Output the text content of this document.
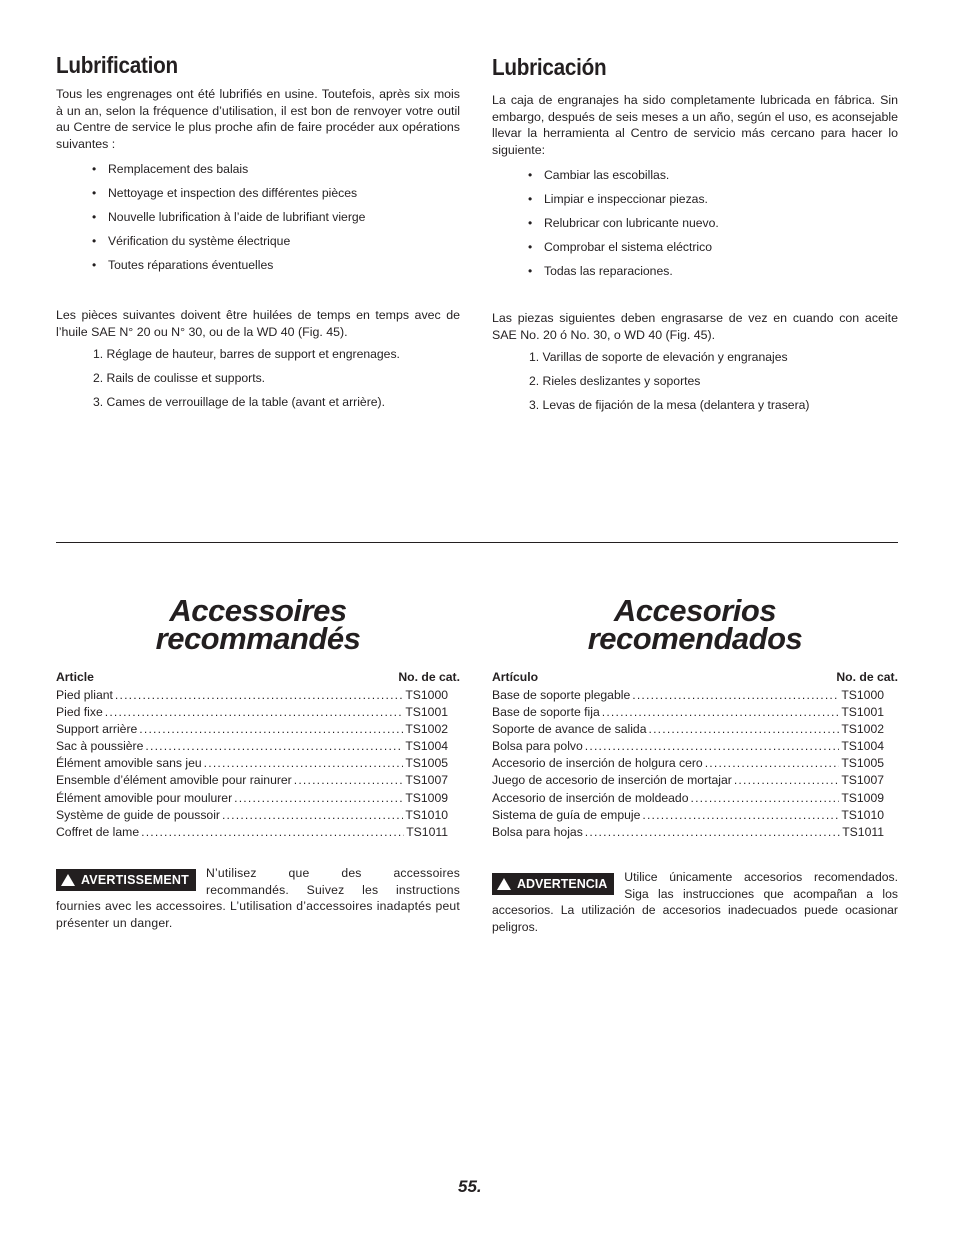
Lubrification

Tous les engrenages ont été lubrifiés en usine. Toutefois, après six mois à un an, selon la fréquence d’utilisation, il est bon de renvoyer votre outil au Centre de service le plus proche afin de faire procéder aux opérations suivantes :

• Remplacement des balais
• Nettoyage et inspection des différentes pièces
• Nouvelle lubrification à l’aide de lubrifiant vierge
• Vérification du système électrique
• Toutes réparations éventuelles

Les pièces suivantes doivent être huilées de temps en temps avec de l’huile SAE N° 20 ou N° 30, ou de la WD 40 (Fig. 45).

1. Réglage de hauteur, barres de support et engrenages.
2. Rails de coulisse et supports.
3. Cames de verrouillage de la table (avant et arrière).
Lubricación

La caja de engranajes ha sido completamente lubricada en fábrica. Sin embargo, después de seis meses a un año, según el uso, es aconsejable llevar la herramienta al Centro de servicio más cercano para hacer lo siguiente:

• Cambiar las escobillas.
• Limpiar e inspeccionar piezas.
• Relubricar con lubricante nuevo.
• Comprobar el sistema eléctrico
• Todas las reparaciones.

Las piezas siguientes deben engrasarse de vez en cuando con aceite SAE No. 20 ó No. 30, o WD 40 (Fig. 45).

1. Varillas de soporte de elevación y engranajes
2. Rieles deslizantes y soportes
3. Levas de fijación de la mesa (delantera y trasera)
Accessoires
recommandés
Accesorios
recomendados
Article	No. de cat.
Pied pliant .....	TS1000
Pied fixe .....	TS1001
Support arrière .....	TS1002
Sac à poussière .....	TS1004
Élément amovible sans jeu .....	TS1005
Ensemble d’élément amovible pour rainurer .....	TS1007
Élément amovible pour moulurer .....	TS1009
Système de guide de poussoir .....	TS1010
Coffret de lame .....	TS1011
Artículo	No. de cat.
Base de soporte plegable .....	TS1000
Base de soporte fija .....	TS1001
Soporte de avance de salida .....	TS1002
Bolsa para polvo .....	TS1004
Accesorio de inserción de holgura cero .....	TS1005
Juego de accesorio de inserción de mortajar .....	TS1007
Accesorio de inserción de moldeado .....	TS1009
Sistema de guía de empuje .....	TS1010
Bolsa para hojas .....	TS1011
AVERTISSEMENT N’utilisez que des accessoires recommandés. Suivez les instructions fournies avec les accessoires. L’utilisation d’accessoires inadaptés peut présenter un danger.
ADVERTENCIA Utilice únicamente accesorios recomendados. Siga las instrucciones que acompañan a los accesorios. La utilización de accesorios inadecuados puede ocasionar peligros.
55.
